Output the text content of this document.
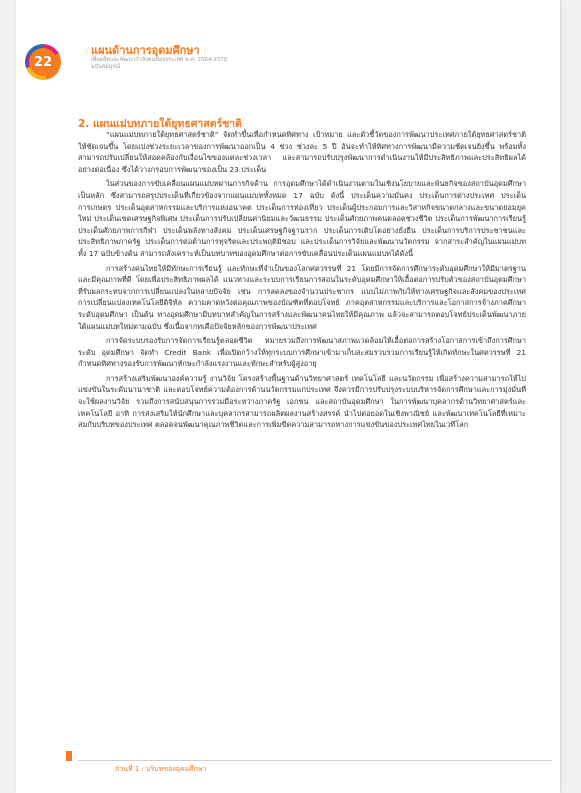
22
แผนด้านการอุดมศึกษา
เพื่อผลิตและพัฒนากำลังคนของประเทศ พ.ศ. 2564-2570
ฉบับสมบูรณ์
2. แผนแม่บทภายใต้ยุทธศาสตร์ชาติ

“แผนแม่บทภายใต้ยุทธศาสตร์ชาติ” จัดทำขึ้นเพื่อกำหนดทิศทาง เป้าหมาย และตัวชี้วัดของการพัฒนาประเทศภายใต้ยุทธศาสตร์ชาติให้ชัดเจนขึ้น โดยแบ่งช่วงระยะเวลาของการพัฒนาออกเป็น 4 ช่วง ช่วงละ 5 ปี อันจะทำให้ทิศทางการพัฒนามีความชัดเจนยิ่งขึ้น พร้อมทั้ง สามารถปรับเปลี่ยนให้สอดคล้องกับเงื่อนไขของแต่ละช่วงเวลา และสามารถปรับปรุงพัฒนาการดำเนินงานให้มีประสิทธิภาพและประสิทธิผลได้อย่างต่อเนื่อง ซึ่งได้วางกรอบการพัฒนาของเป็น 23 ประเด็น

ในส่วนของการขับเคลื่อนแผนแม่บทผ่านภารกิจด้าน การอุดมศึกษาได้ดำเนินงานตามในเชิงนโยบายและพันธกิจของสถาบันอุดมศึกษาเป็นหลัก ซึ่งสามารถสรุปประเด็นที่เกี่ยวข้องจากแผนแม่บททั้งหมด 17 ฉบับ ดังนี้ ประเด็นความมั่นคง ประเด็นการต่างประเทศ ประเด็นการเกษตร ประเด็นอุตสาหกรรมและบริการแห่งอนาคต ประเด็นการท่องเที่ยว ประเด็นผู้ประกอบการและวิสาหกิจขนาดกลางและขนาดย่อมยุคใหม่ ประเด็นเขตเศรษฐกิจพิเศษ ประเด็นการปรับเปลี่ยนค่านิยมและวัฒนธรรม ประเด็นศักยภาพคนตลอดช่วงชีวิต ประเด็นการพัฒนาการเรียนรู้ ประเด็นศักยภาพการกีฬา ประเด็นพลังทางสังคม ประเด็นเศรษฐกิจฐานราก ประเด็นการเติบโตอย่างยั่งยืน ประเด็นการบริการประชาชนและประสิทธิภาพภาครัฐ ประเด็นการต่อต้านการทุจริตและประพฤติมิชอบ และประเด็นการวิจัยและพัฒนานวัตกรรม จากสาระสำคัญในแผนแม่บททั้ง 17 ฉบับข้างต้น สามารถสังเคราะห์เป็นบทบาทของอุดมศึกษาต่อการขับเคลื่อนประเด็นแผนแม่บทได้ดังนี้

การสร้างคนไทยให้มีทักษะการเรียนรู้ และทักษะที่จำเป็นของโลกศตวรรษที่ 21 โดยมีการจัดการศึกษาระดับอุดมศึกษาให้มีมาตรฐานและมีคุณภาพที่ดี โดยเพื่อประสิทธิภาพผลได้ แนวทางและระบบการเรียนการสอนในระดับอุดมศึกษาให้เอื้อต่อการปรับตัวของสถาบันอุดมศึกษาที่รับผลกระทบจากการเปลี่ยนแปลงในหลายปัจจัย เช่น การลดลงของจำนวนประชากร แบบไม่ภาพกับให้ทางเศรษฐกิจและสังคมของประเทศ การเปลี่ยนแปลงเทคโนโลยีดิจิทัล ความคาดหวังต่อคุณภาพของบัณฑิตที่ตอบโจทย์ ภาคอุตสาหกรรมและบริการและโอกาสการจ้างภาคศึกษาระดับอุดมศึกษา เป็นต้น ทางอุดมศึกษามีบทบาทสำคัญในการสร้างและพัฒนาคนไทยให้มีคุณภาพ แล้วจะสามารถตอบโจทย์ประเด็นพัฒนาภายใต้แผนแม่บทใหม่ตามฉบับ ซึ่งเนื้อจากทเคือปัจจัยหลักของการพัฒนาประเทศ

การจัดระบบรองรับการจัดการเรียนรู้ตลอดชีวิต หมายรวมถึงการพัฒนาสภาพแวดล้อมให้เอื้อต่อการสร้างโอกาสการเข้าถึงการศึกษาระดับ อุดมศึกษา จัดทำ Credit Bank เพื่อเปิดกว้างให้ทุกระบบการศึกษาเข้ามาเก็บสะสมรวบรวมการเรียนรู้ให้เกิดทักษะในศตวรรษที่ 21 กำหนดทิศทางรองรับการพัฒนาทักษะกำลังแรงงานและทักษะสำหรับผู้สูงอายุ

การสร้างเสริมพัฒนาองค์ความรู้ งานวิจัย โครงสร้างพื้นฐานด้านวิทยาศาสตร์ เทคโนโลยี และนวัตกรรม เพื่อสร้างความสามารถให้ไปแข่งขันในระดับนานาชาติ และตอบโจทย์ความต้องการด้านนวัตกรรมแก่ประเทศ จึงควรมีการปรับปรุงระบบบริหารจัดการศึกษาและการมุ่งมั่นที่จะใช้ผลงานวิจัย รวมถึงการสนับสนุนการร่วมมือระหว่างภาครัฐ เอกชน และสถาบันอุดมศึกษา ในการพัฒนาบุคลากรด้านวิทยาศาสตร์และเทคโนโลยี อาทิ การส่งเสริมให้นักศึกษาและบุคลากรสามารถผลิตผลงานสร้างสรรค์ นำไปต่อยอดในเชิงพาณิชย์ และพัฒนาเทคโนโลยีที่เหมาะสมกับบริบทของประเทศ ตลอดจนพัฒนาคุณภาพชีวิตและการเพิ่มขีดความสามารถทางการแข่งขันของประเทศไทยในเวทีโลก

ส่วนที่ 1 : บริบทของอุดมศึกษา
